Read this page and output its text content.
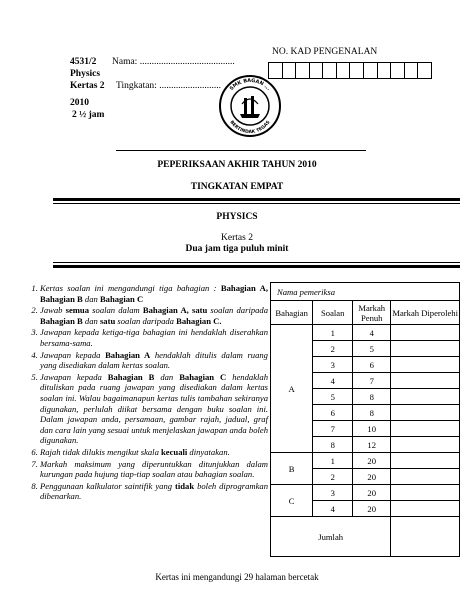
4531/2
Physics
Kertas 2
2010
2 ½ jam
Nama: ........................................
Tingkatan: ..........................
NO. KAD PENGENALAN
SMK BAGAN ...
BERTINDAK TEGAS
PEPERIKSAAN AKHIR TAHUN 2010
TINGKATAN EMPAT
PHYSICS
Kertas 2
Dua jam tiga puluh minit
1. Kertas soalan ini mengandungi tiga bahagian : Bahagian A, Bahagian B dan Bahagian C
2. Jawab semua soalan dalam Bahagian A, satu soalan daripada Bahagian B dan satu soalan daripada Bahagian C.
3. Jawapan kepada ketiga-tiga bahagian ini hendaklah diserahkan bersama-sama.
4. Jawapan kepada Bahagian A hendaklah ditulis dalam ruang yang disediakan dalam kertas soalan.
5. Jawapan kepada Bahagian B dan Bahagian C hendaklah dituliskan pada ruang jawapan yang disediakan dalam kertas soalan ini. Walau bagaimanapun kertas tulis tambahan sekiranya digunakan, perlulah diikat bersama dengan buku soalan ini. Dalam jawapan anda, persamaan, gambar rajah, jadual, graf dan cara lain yang sesuai untuk menjelaskan jawapan anda boleh digunakan.
6. Rajah tidak dilukis mengikut skala kecuali dinyatakan.
7. Markah maksimum yang diperuntukkan ditunjukkan dalam kurungan pada hujung tiap-tiap soalan atau bahagian soalan.
8. Penggunaan kalkulator saintifik yang tidak boleh diprogramkan dibenarkan.
Nama pemeriksa			
Bahagian	Soalan	Markah Penuh	Markah Diperolehi
A	1	4	
	2	5	
	3	6	
	4	7	
	5	8	
	6	8	
	7	10	
	8	12	
B	1	20	
	2	20	
C	3	20	
	4	20	
Jumlah			
Kertas ini mengandungi 29 halaman bercetak
